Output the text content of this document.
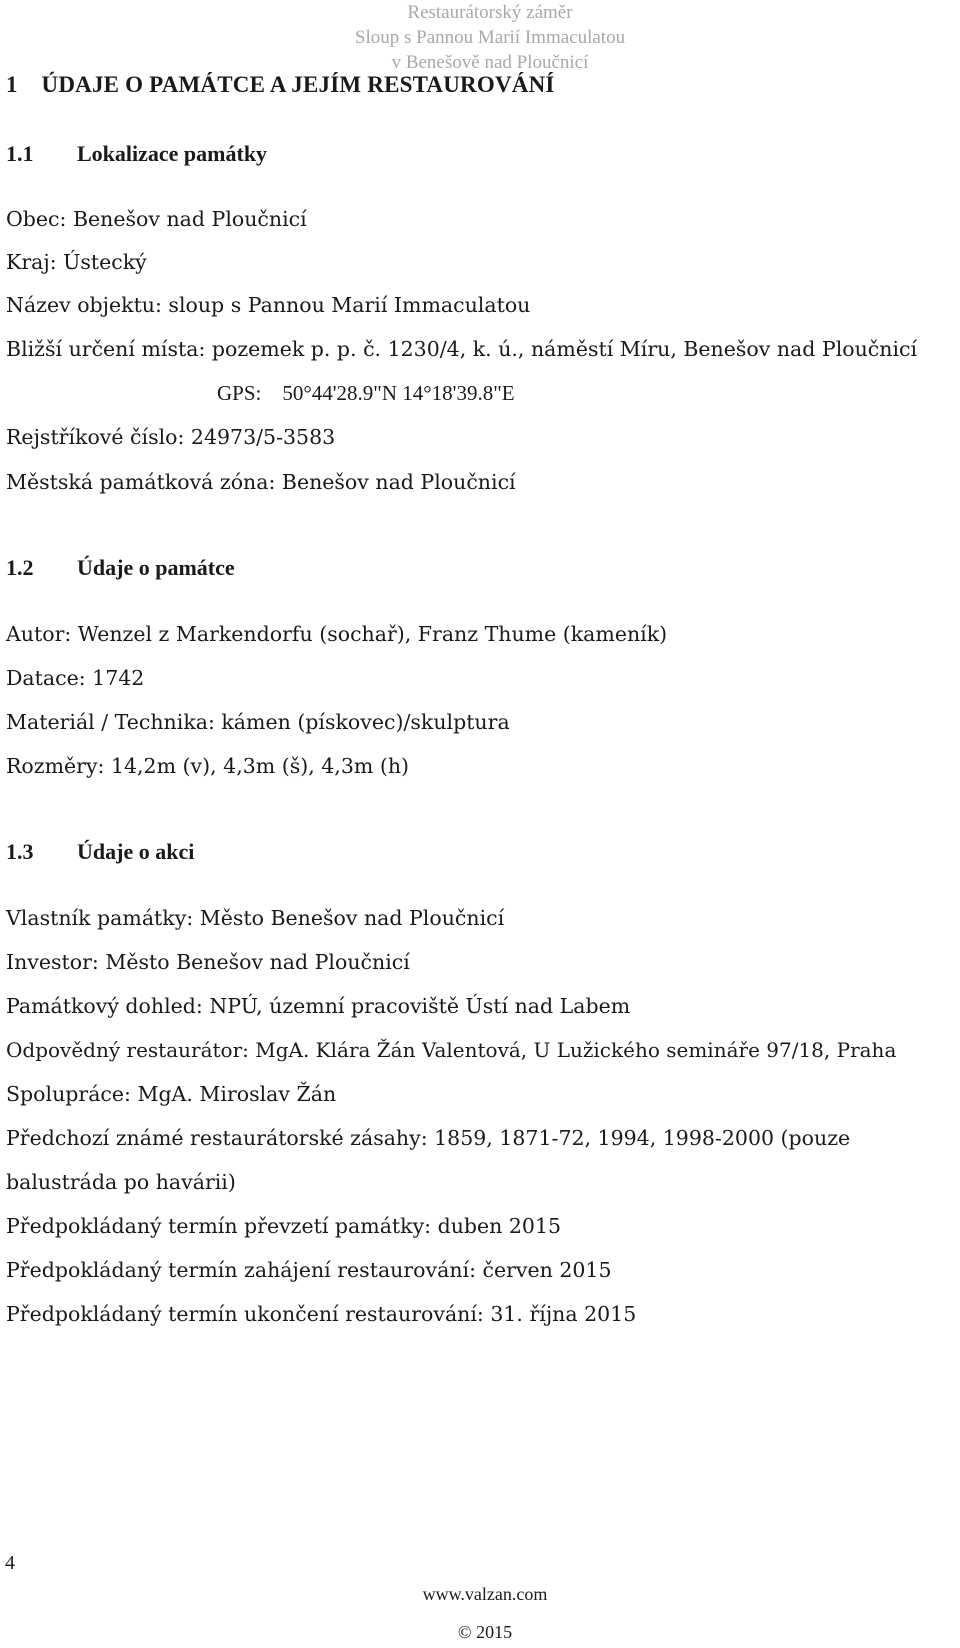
Restaurátorský záměr
Sloup s Pannou Marií Immaculatou
v Benešově nad Ploučnicí
1 ÚDAJE O PAMÁTCE A JEJÍM RESTAUROVÁNÍ
1.1 Lokalizace památky
Obec: Benešov nad Ploučnicí
Kraj: Ústecký
Název objektu: sloup s Pannou Marií Immaculatou
Bližší určení místa: pozemek p. p. č. 1230/4, k. ú., náměstí Míru, Benešov nad Ploučnicí
GPS: 50°44'28.9"N 14°18'39.8"E
Rejstříkové číslo: 24973/5-3583
Městská památková zóna: Benešov nad Ploučnicí
1.2 Údaje o památce
Autor: Wenzel z Markendorfu (sochař), Franz Thume (kameník)
Datace: 1742
Materiál / Technika: kámen (pískovec)/skulptura
Rozměry: 14,2m (v), 4,3m (š), 4,3m (h)
1.3 Údaje o akci
Vlastník památky: Město Benešov nad Ploučnicí
Investor: Město Benešov nad Ploučnicí
Památkový dohled: NPÚ, územní pracoviště Ústí nad Labem
Odpovědný restaurátor: MgA. Klára Žán Valentová, U Lužického semináře 97/18, Praha
Spolupráce: MgA. Miroslav Žán
Předchozí známé restaurátorské zásahy: 1859, 1871-72, 1994, 1998-2000 (pouze
balustráda po havárii)
Předpokládaný termín převzetí památky: duben 2015
Předpokládaný termín zahájení restaurování: červen 2015
Předpokládaný termín ukončení restaurování: 31. října 2015
4
www.valzan.com
© 2015
